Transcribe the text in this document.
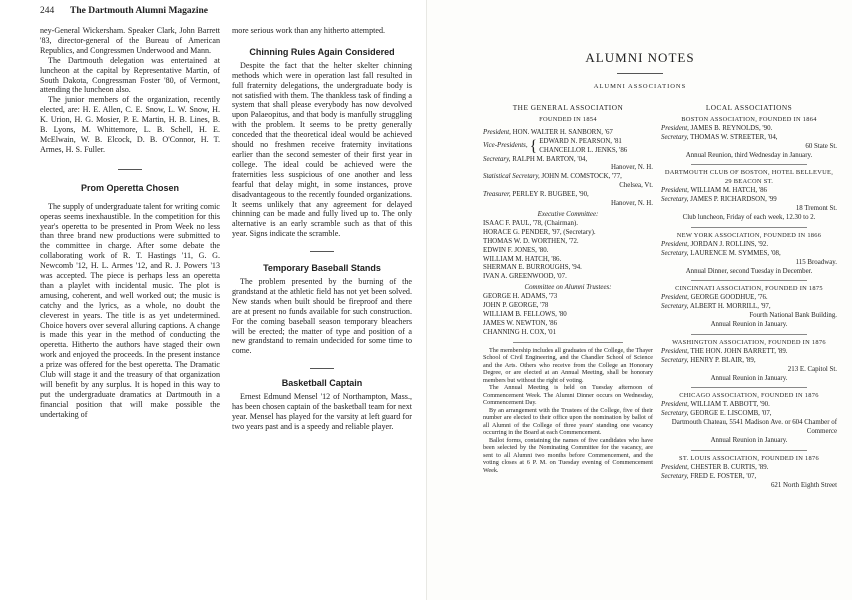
244 The Dartmouth Alumni Magazine

ney-General Wickersham. Speaker Clark, John Barrett '83, director-general of the Bureau of American Republics, and Congressmen Underwood and Mann.

The Dartmouth delegation was entertained at luncheon at the capital by Representative Martin, of South Dakota, Congressman Foster '80, of Vermont, attending the luncheon also.

The junior members of the organization, recently elected, are: H. E. Allen, C. E. Snow, L. W. Snow, H. K. Urion, H. G. Mosier, P. E. Martin, H. B. Lines, B. B. Lyons, M. Whittemore, L. B. Schell, H. E. McElwain, W. B. Elcock, D. B. O'Connor, H. T. Armes, H. S. Fuller.

Prom Operetta Chosen

The supply of undergraduate talent for writing comic operas seems inexhaustible. In the competition for this year's operetta to be presented in Prom Week no less than three brand new productions were submitted to the committee in charge. After some debate the collaborating work of R. T. Hastings '11, G. G. Newcomb '12, H. L. Armes '12, and R. J. Powers '13 was accepted. The piece is perhaps less an operetta than a playlet with incidental music. The plot is amusing, coherent, and well worked out; the music is catchy and the lyrics, as a whole, no doubt the cleverest in years. The title is as yet undetermined. Choice hovers over several alluring captions. A change is made this year in the method of conducting the operetta. Hitherto the authors have staged their own work and enjoyed the proceeds. In the present instance a prize was offered for the best operetta. The Dramatic Club will stage it and the treasury of that organization will benefit by any surplus. It is hoped in this way to put the undergraduate dramatics at Dartmouth in a financial position that will make possible the undertaking of

more serious work than any hitherto attempted.

Chinning Rules Again Considered

Despite the fact that the helter skelter chinning methods which were in operation last fall resulted in full fraternity delegations, the undergraduate body is not satisfied with them. The thankless task of finding a system that shall please everybody has now devolved upon Palaeopitus, and that body is manfully struggling with the problem. It seems to be pretty generally conceded that the theoretical ideal would be achieved should no freshmen receive fraternity invitations earlier than the second semester of their first year in college. The ideal could be achieved were the fraternities less suspicious of one another and less fearful that delay might, in some instances, prove disadvantageous to the recently founded organizations. It seems unlikely that any agreement for delayed chinning can be made and fully lived up to. The only alternative is an early scramble such as that of this year. Signs indicate the scramble.

Temporary Baseball Stands

The problem presented by the burning of the grandstand at the athletic field has not yet been solved. New stands when built should be fireproof and there are at present no funds available for such construction. For the coming baseball season temporary bleachers will be erected; the matter of type and position of a new grandstand to remain undecided for some time to come.

Basketball Captain

Ernest Edmund Mensel '12 of Northampton, Mass., has been chosen captain of the basketball team for next year. Mensel has played for the varsity at left guard for two years past and is a speedy and reliable player.

ALUMNI NOTES
ALUMNI ASSOCIATIONS
THE GENERAL ASSOCIATION
FOUNDED IN 1854
President, HON. WALTER H. SANBORN, '67
Vice-Presidents, { EDWARD N. PEARSON, '81
CHANCELLOR L. JENKS, '86
Secretary, RALPH M. BARTON, '04,
Hanover, N. H.
Statistical Secretary, JOHN M. COMSTOCK, '77,
Chelsea, Vt.
Treasurer, PERLEY R. BUGBEE, '90,
Hanover, N. H.
Executive Committee:
ISAAC F. PAUL, '78, (Chairman).
HORACE G. PENDER, '97, (Secretary).
THOMAS W. D. WORTHEN, '72.
EDWIN F. JONES, '80.
WILLIAM M. HATCH, '86.
SHERMAN E. BURROUGHS, '94.
IVAN A. GREENWOOD, '07.
Committee on Alumni Trustees:
GEORGE H. ADAMS, '73
JOHN P. GEORGE, '78
WILLIAM B. FELLOWS, '80
JAMES W. NEWTON, '86
CHANNING H. COX, '01

The membership includes all graduates of the College, the Thayer School of Civil Engineering, and the Chandler School of Science and the Arts. Others who receive from the College an Honorary Degree, or are elected at an Annual Meeting, shall be honorary members but without the right of voting.

The Annual Meeting is held on Tuesday afternoon of Commencement Week. The Alumni Dinner occurs on Wednesday, Commencement Day.

By an arrangement with the Trustees of the College, five of their number are elected to their office upon the nomination by ballot of all Alumni of the College of three years' standing one vacancy occurring in the Board at each Commencement.

Ballot forms, containing the names of five candidates who have been selected by the Nominating Committee for the vacancy, are sent to all Alumni two months before Commencement, and the voting closes at 6 P. M. on Tuesday evening of Commencement Week.

LOCAL ASSOCIATIONS
BOSTON ASSOCIATION, FOUNDED IN 1864
President, JAMES B. REYNOLDS, '90.
Secretary, THOMAS W. STREETER, '04,
60 State St.
Annual Reunion, third Wednesday in January.
DARTMOUTH CLUB OF BOSTON, HOTEL BELLEVUE, 29 BEACON ST.
President, WILLIAM M. HATCH, '86
Secretary, JAMES P. RICHARDSON, '99
18 Tremont St.
Club luncheon, Friday of each week, 12.30 to 2.
NEW YORK ASSOCIATION, FOUNDED IN 1866
President, JORDAN J. ROLLINS, '92.
Secretary, LAURENCE M. SYMMES, '08,
115 Broadway.
Annual Dinner, second Tuesday in December.
CINCINNATI ASSOCIATION, FOUNDED IN 1875
President, GEORGE GOODHUE, '76.
Secretary, ALBERT H. MORRILL, '97,
Fourth National Bank Building.
Annual Reunion in January.
WASHINGTON ASSOCIATION, FOUNDED IN 1876
President, THE HON. JOHN BARRETT, '89.
Secretary, HENRY P. BLAIR, '89,
213 E. Capitol St.
Annual Reunion in January.
CHICAGO ASSOCIATION, FOUNDED IN 1876
President, WILLIAM T. ABBOTT, '90.
Secretary, GEORGE E. LISCOMB, '07,
Dartmouth Chateau, 5541 Madison Ave. or 604 Chamber of Commerce
Annual Reunion in January.
ST. LOUIS ASSOCIATION, FOUNDED IN 1876
President, CHESTER B. CURTIS, '89.
Secretary, FRED E. FOSTER, '07,
621 North Eighth Street
